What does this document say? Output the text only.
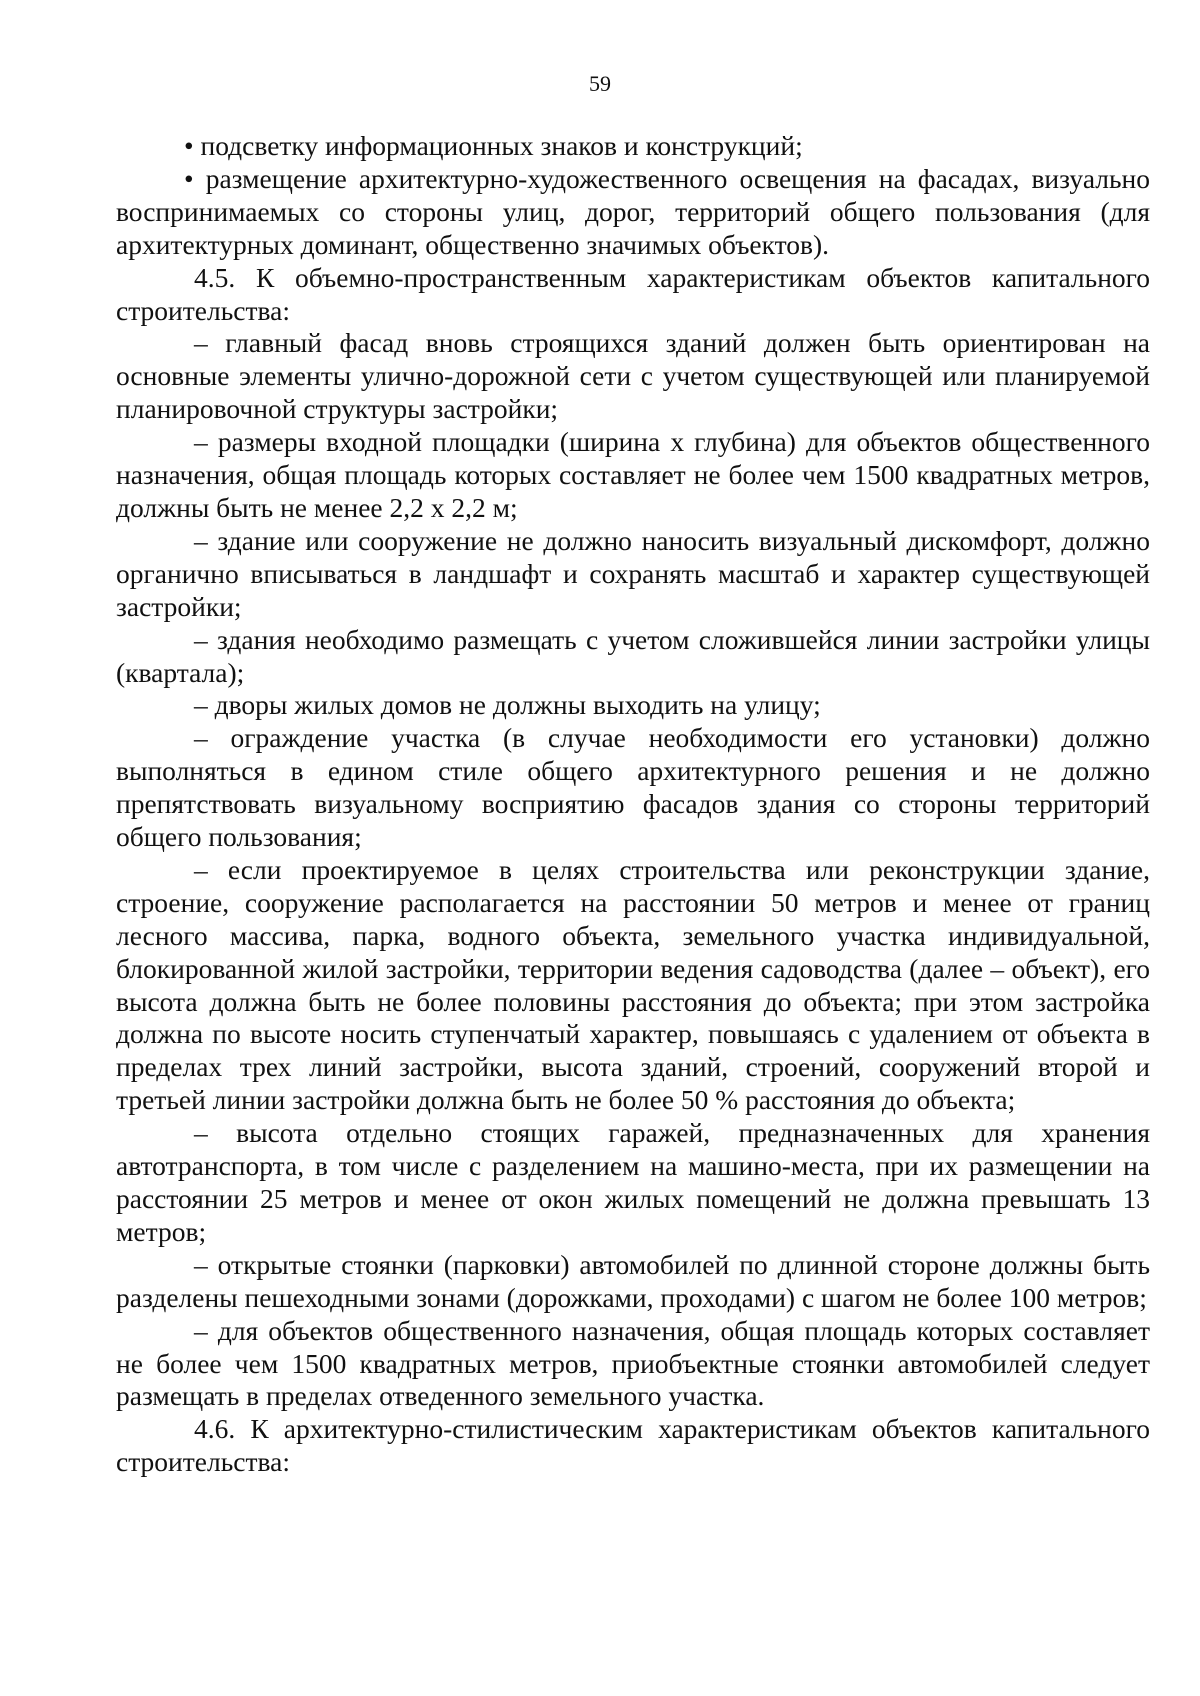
59

• подсветку информационных знаков и конструкций;

• размещение архитектурно-художественного освещения на фасадах, визуально воспринимаемых со стороны улиц, дорог, территорий общего пользования (для архитектурных доминант, общественно значимых объектов).

4.5. К объемно-пространственным характеристикам объектов капитального строительства:

– главный фасад вновь строящихся зданий должен быть ориентирован на основные элементы улично-дорожной сети с учетом существующей или планируемой планировочной структуры застройки;

– размеры входной площадки (ширина х глубина) для объектов общественного назначения, общая площадь которых составляет не более чем 1500 квадратных метров, должны быть не менее 2,2 х 2,2 м;

– здание или сооружение не должно наносить визуальный дискомфорт, должно органично вписываться в ландшафт и сохранять масштаб и характер существующей застройки;

– здания необходимо размещать с учетом сложившейся линии застройки улицы (квартала);

– дворы жилых домов не должны выходить на улицу;

– ограждение участка (в случае необходимости его установки) должно выполняться в едином стиле общего архитектурного решения и не должно препятствовать визуальному восприятию фасадов здания со стороны территорий общего пользования;

– если проектируемое в целях строительства или реконструкции здание, строение, сооружение располагается на расстоянии 50 метров и менее от границ лесного массива, парка, водного объекта, земельного участка индивидуальной, блокированной жилой застройки, территории ведения садоводства (далее – объект), его высота должна быть не более половины расстояния до объекта; при этом застройка должна по высоте носить ступенчатый характер, повышаясь с удалением от объекта в пределах трех линий застройки, высота зданий, строений, сооружений второй и третьей линии застройки должна быть не более 50 % расстояния до объекта;

– высота отдельно стоящих гаражей, предназначенных для хранения автотранспорта, в том числе с разделением на машино-места, при их размещении на расстоянии 25 метров и менее от окон жилых помещений не должна превышать 13 метров;

– открытые стоянки (парковки) автомобилей по длинной стороне должны быть разделены пешеходными зонами (дорожками, проходами) с шагом не более 100 метров;

– для объектов общественного назначения, общая площадь которых составляет не более чем 1500 квадратных метров, приобъектные стоянки автомобилей следует размещать в пределах отведенного земельного участка.

4.6. К архитектурно-стилистическим характеристикам объектов капитального строительства:
